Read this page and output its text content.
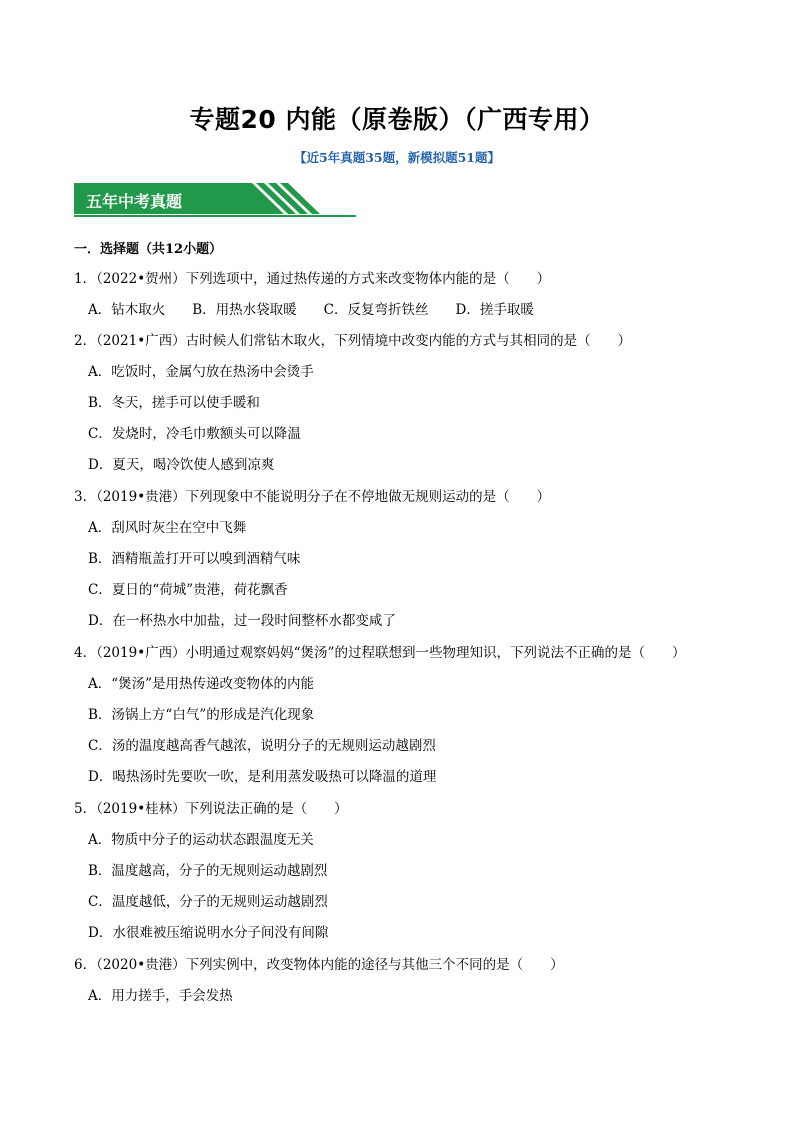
专题20 内能（原卷版）（广西专用）
【近5年真题35题，新模拟题51题】
五年中考真题
一．选择题（共12小题）
1．（2022•贺州）下列选项中，通过热传递的方式来改变物体内能的是（　　）
A．钻木取火　　B．用热水袋取暖　　C．反复弯折铁丝　　D．搓手取暖
2．（2021•广西）古时候人们常钻木取火，下列情境中改变内能的方式与其相同的是（　　）
A．吃饭时，金属勺放在热汤中会烫手
B．冬天，搓手可以使手暖和
C．发烧时，冷毛巾敷额头可以降温
D．夏天，喝冷饮使人感到凉爽
3．（2019•贵港）下列现象中不能说明分子在不停地做无规则运动的是（　　）
A．刮风时灰尘在空中飞舞
B．酒精瓶盖打开可以嗅到酒精气味
C．夏日的“荷城”贵港，荷花飘香
D．在一杯热水中加盐，过一段时间整杯水都变咸了
4．（2019•广西）小明通过观察妈妈“煲汤”的过程联想到一些物理知识，下列说法不正确的是（　　）
A．“煲汤”是用热传递改变物体的内能
B．汤锅上方“白气”的形成是汽化现象
C．汤的温度越高香气越浓，说明分子的无规则运动越剧烈
D．喝热汤时先要吹一吹，是利用蒸发吸热可以降温的道理
5．（2019•桂林）下列说法正确的是（　　）
A．物质中分子的运动状态跟温度无关
B．温度越高，分子的无规则运动越剧烈
C．温度越低，分子的无规则运动越剧烈
D．水很难被压缩说明水分子间没有间隙
6．（2020•贵港）下列实例中，改变物体内能的途径与其他三个不同的是（　　）
A．用力搓手，手会发热
